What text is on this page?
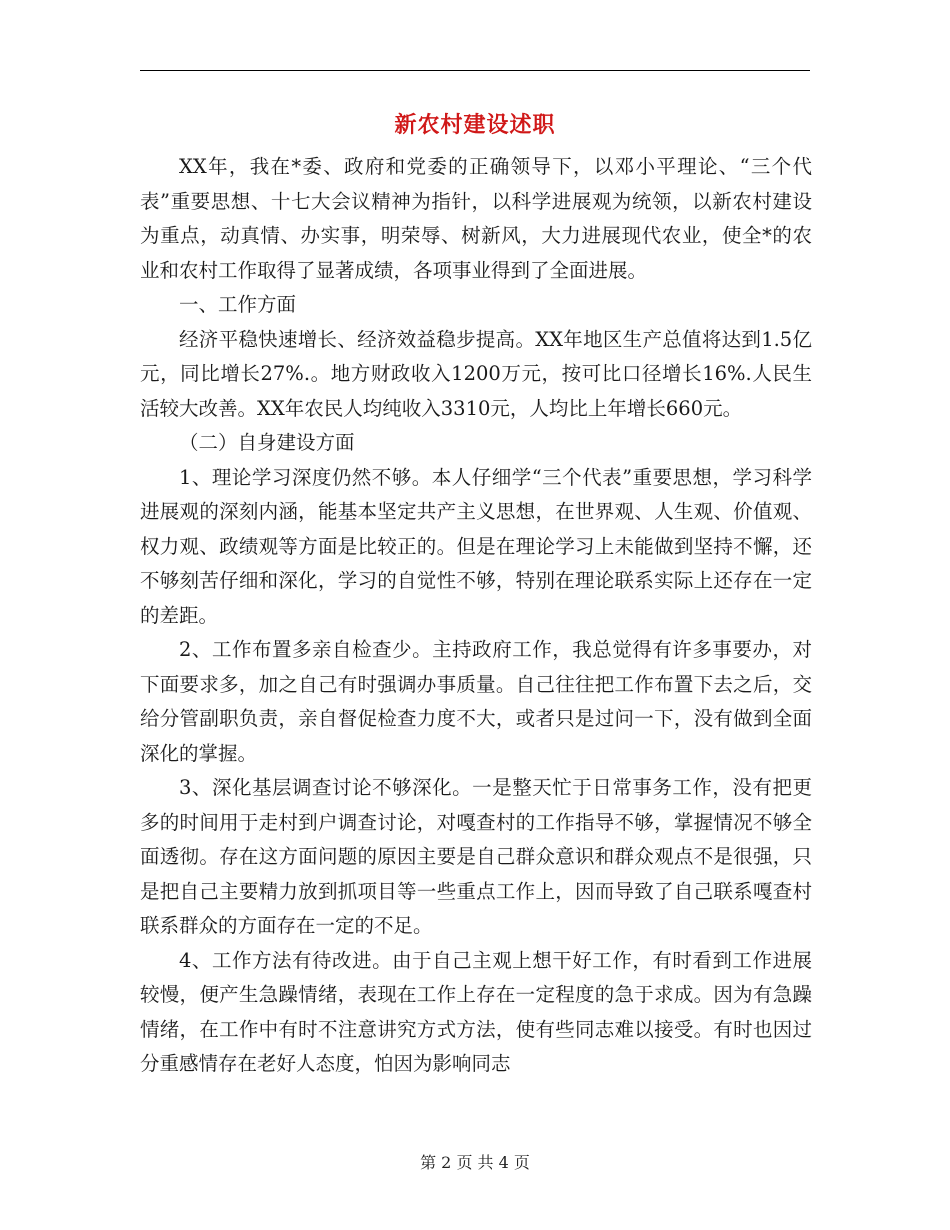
新农村建设述职

XX年，我在*委、政府和党委的正确领导下，以邓小平理论、“三个代表”重要思想、十七大会议精神为指针，以科学进展观为统领，以新农村建设为重点，动真情、办实事，明荣辱、树新风，大力进展现代农业，使全*的农业和农村工作取得了显著成绩，各项事业得到了全面进展。

一、工作方面

经济平稳快速增长、经济效益稳步提高。XX年地区生产总值将达到1.5亿元，同比增长27%.。地方财政收入1200万元，按可比口径增长16%.人民生活较大改善。XX年农民人均纯收入3310元，人均比上年增长660元。

（二）自身建设方面

1、理论学习深度仍然不够。本人仔细学“三个代表”重要思想，学习科学进展观的深刻内涵，能基本坚定共产主义思想，在世界观、人生观、价值观、权力观、政绩观等方面是比较正的。但是在理论学习上未能做到坚持不懈，还不够刻苦仔细和深化，学习的自觉性不够，特别在理论联系实际上还存在一定的差距。

2、工作布置多亲自检查少。主持政府工作，我总觉得有许多事要办，对下面要求多，加之自己有时强调办事质量。自己往往把工作布置下去之后，交给分管副职负责，亲自督促检查力度不大，或者只是过问一下，没有做到全面深化的掌握。

3、深化基层调查讨论不够深化。一是整天忙于日常事务工作，没有把更多的时间用于走村到户调查讨论，对嘎查村的工作指导不够，掌握情况不够全面透彻。存在这方面问题的原因主要是自己群众意识和群众观点不是很强，只是把自己主要精力放到抓项目等一些重点工作上，因而导致了自己联系嘎查村联系群众的方面存在一定的不足。

4、工作方法有待改进。由于自己主观上想干好工作，有时看到工作进展较慢，便产生急躁情绪，表现在工作上存在一定程度的急于求成。因为有急躁情绪，在工作中有时不注意讲究方式方法，使有些同志难以接受。有时也因过分重感情存在老好人态度，怕因为影响同志

第 2 页 共 4 页
